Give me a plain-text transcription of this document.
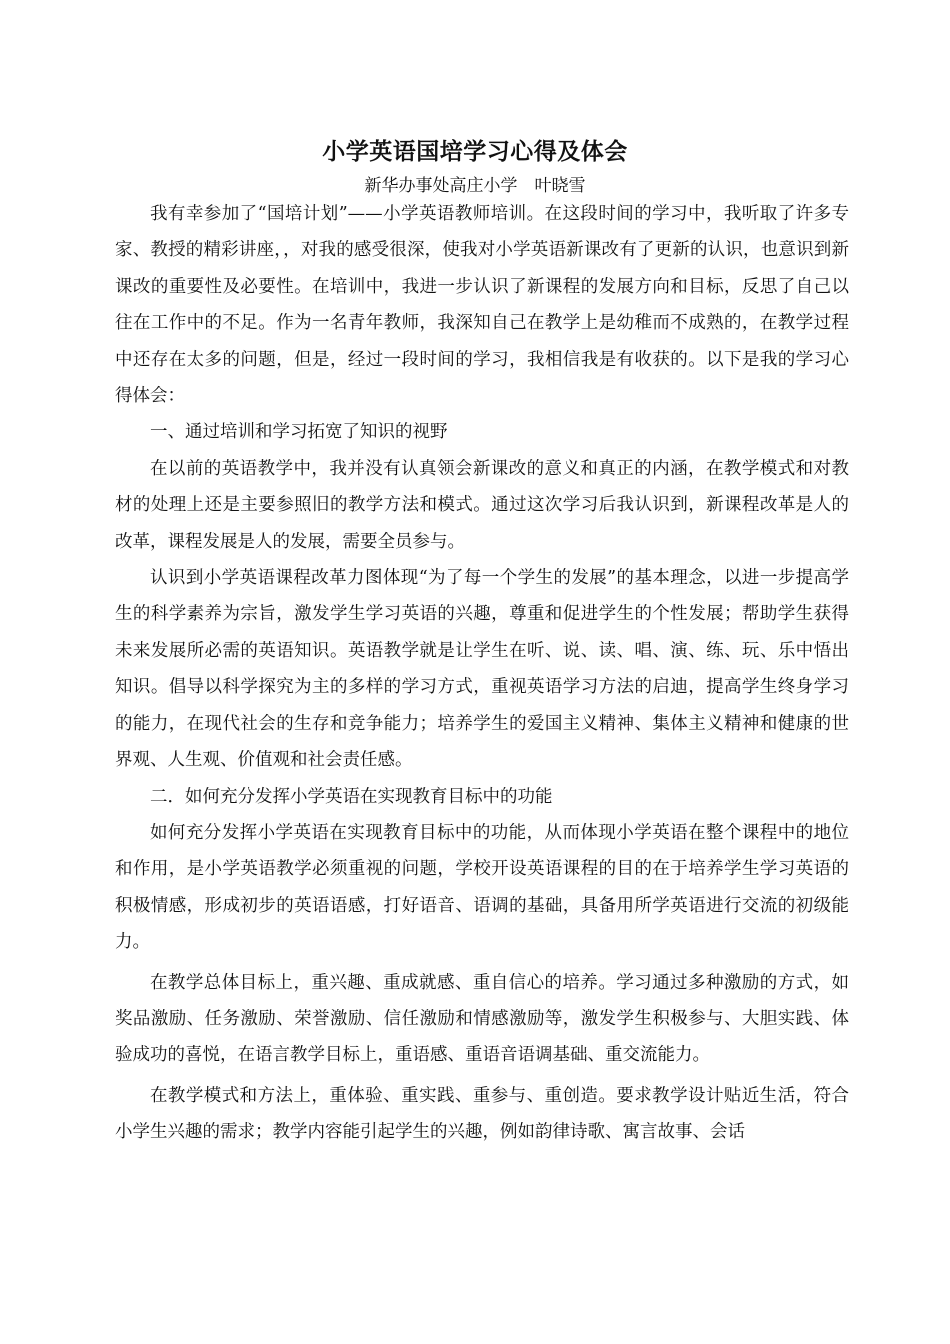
小学英语国培学习心得及体会
新华办事处高庄小学　叶晓雪

我有幸参加了“国培计划”——小学英语教师培训。在这段时间的学习中，我听取了许多专家、教授的精彩讲座，，对我的感受很深，使我对小学英语新课改有了更新的认识，也意识到新课改的重要性及必要性。在培训中，我进一步认识了新课程的发展方向和目标，反思了自己以往在工作中的不足。作为一名青年教师，我深知自己在教学上是幼稚而不成熟的，在教学过程中还存在太多的问题，但是，经过一段时间的学习，我相信我是有收获的。以下是我的学习心得体会：

一、通过培训和学习拓宽了知识的视野

在以前的英语教学中，我并没有认真领会新课改的意义和真正的内涵，在教学模式和对教材的处理上还是主要参照旧的教学方法和模式。通过这次学习后我认识到，新课程改革是人的改革，课程发展是人的发展，需要全员参与。

认识到小学英语课程改革力图体现“为了每一个学生的发展”的基本理念，以进一步提高学生的科学素养为宗旨，激发学生学习英语的兴趣，尊重和促进学生的个性发展；帮助学生获得未来发展所必需的英语知识。英语教学就是让学生在听、说、读、唱、演、练、玩、乐中悟出知识。倡导以科学探究为主的多样的学习方式，重视英语学习方法的启迪，提高学生终身学习的能力，在现代社会的生存和竞争能力；培养学生的爱国主义精神、集体主义精神和健康的世界观、人生观、价值观和社会责任感。

二．如何充分发挥小学英语在实现教育目标中的功能

如何充分发挥小学英语在实现教育目标中的功能，从而体现小学英语在整个课程中的地位和作用，是小学英语教学必须重视的问题，学校开设英语课程的目的在于培养学生学习英语的积极情感，形成初步的英语语感，打好语音、语调的基础，具备用所学英语进行交流的初级能力。

在教学总体目标上，重兴趣、重成就感、重自信心的培养。学习通过多种激励的方式，如奖品激励、任务激励、荣誉激励、信任激励和情感激励等，激发学生积极参与、大胆实践、体验成功的喜悦，在语言教学目标上，重语感、重语音语调基础、重交流能力。

在教学模式和方法上，重体验、重实践、重参与、重创造。要求教学设计贴近生活，符合小学生兴趣的需求；教学内容能引起学生的兴趣，例如韵律诗歌、寓言故事、会话
